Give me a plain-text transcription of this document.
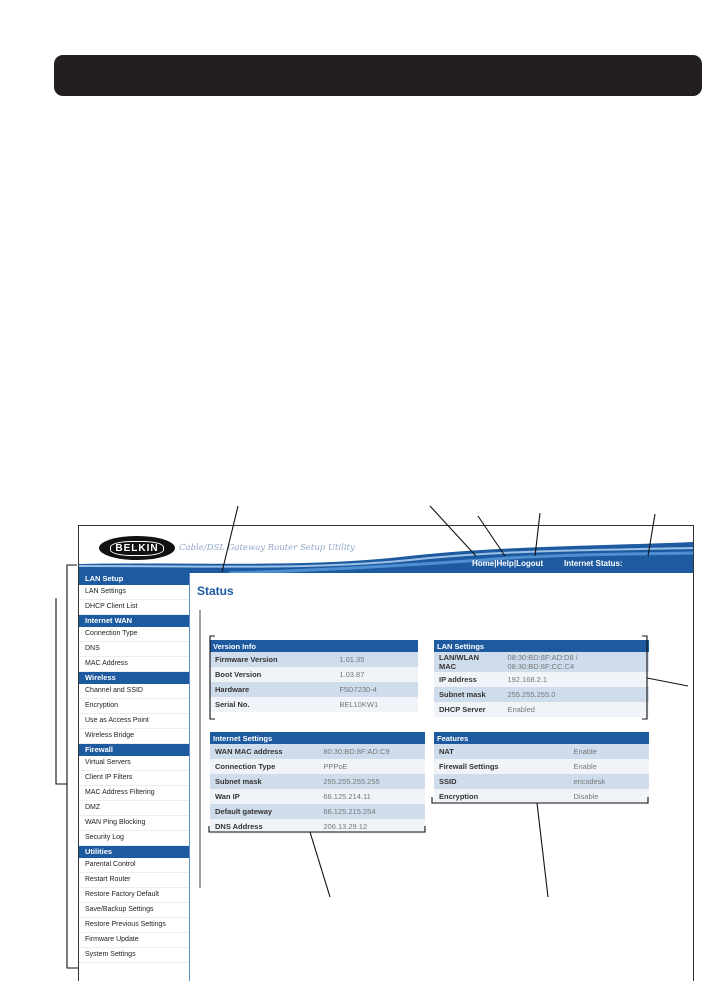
BELKIN	Cable/DSL Gateway Router Setup Utility
Home|Help|Logout	Internet Status:
LAN Setup
LAN Settings
DHCP Client List
Internet WAN
Connection Type
DNS
MAC Address
Wireless
Channel and SSID
Encryption
Use as Access Point
Wireless Bridge
Firewall
Virtual Servers
Client IP Filters
MAC Address Filtering
DMZ
WAN Ping Blocking
Security Log
Utilities
Parental Control
Restart Router
Restore Factory Default
Save/Backup Settings
Restore Previous Settings
Firmware Update
System Settings
Status
Version Info	
Firmware Version	1.01.35
Boot Version	1.03.87
Hardware	F5D7230-4
Serial No.	BEL10KW1
LAN Settings	
LAN/WLAN MAC	08:30:BD:8F:AD:D8 / 08:30:BD:8F:CC:C4
IP address	192.168.2.1
Subnet mask	255.255.255.0
DHCP Server	Enabled
Internet Settings	
WAN MAC address	80:30:BD:8F:AD:C9
Connection Type	PPPoE
Subnet mask	255.255.255.255
Wan IP	66.125.214.11
Default gateway	66.125.215.254
DNS Address	206.13.29.12
Features	
NAT	Enable
Firewall Settings	Enable
SSID	ericsdesk
Encryption	Disable
